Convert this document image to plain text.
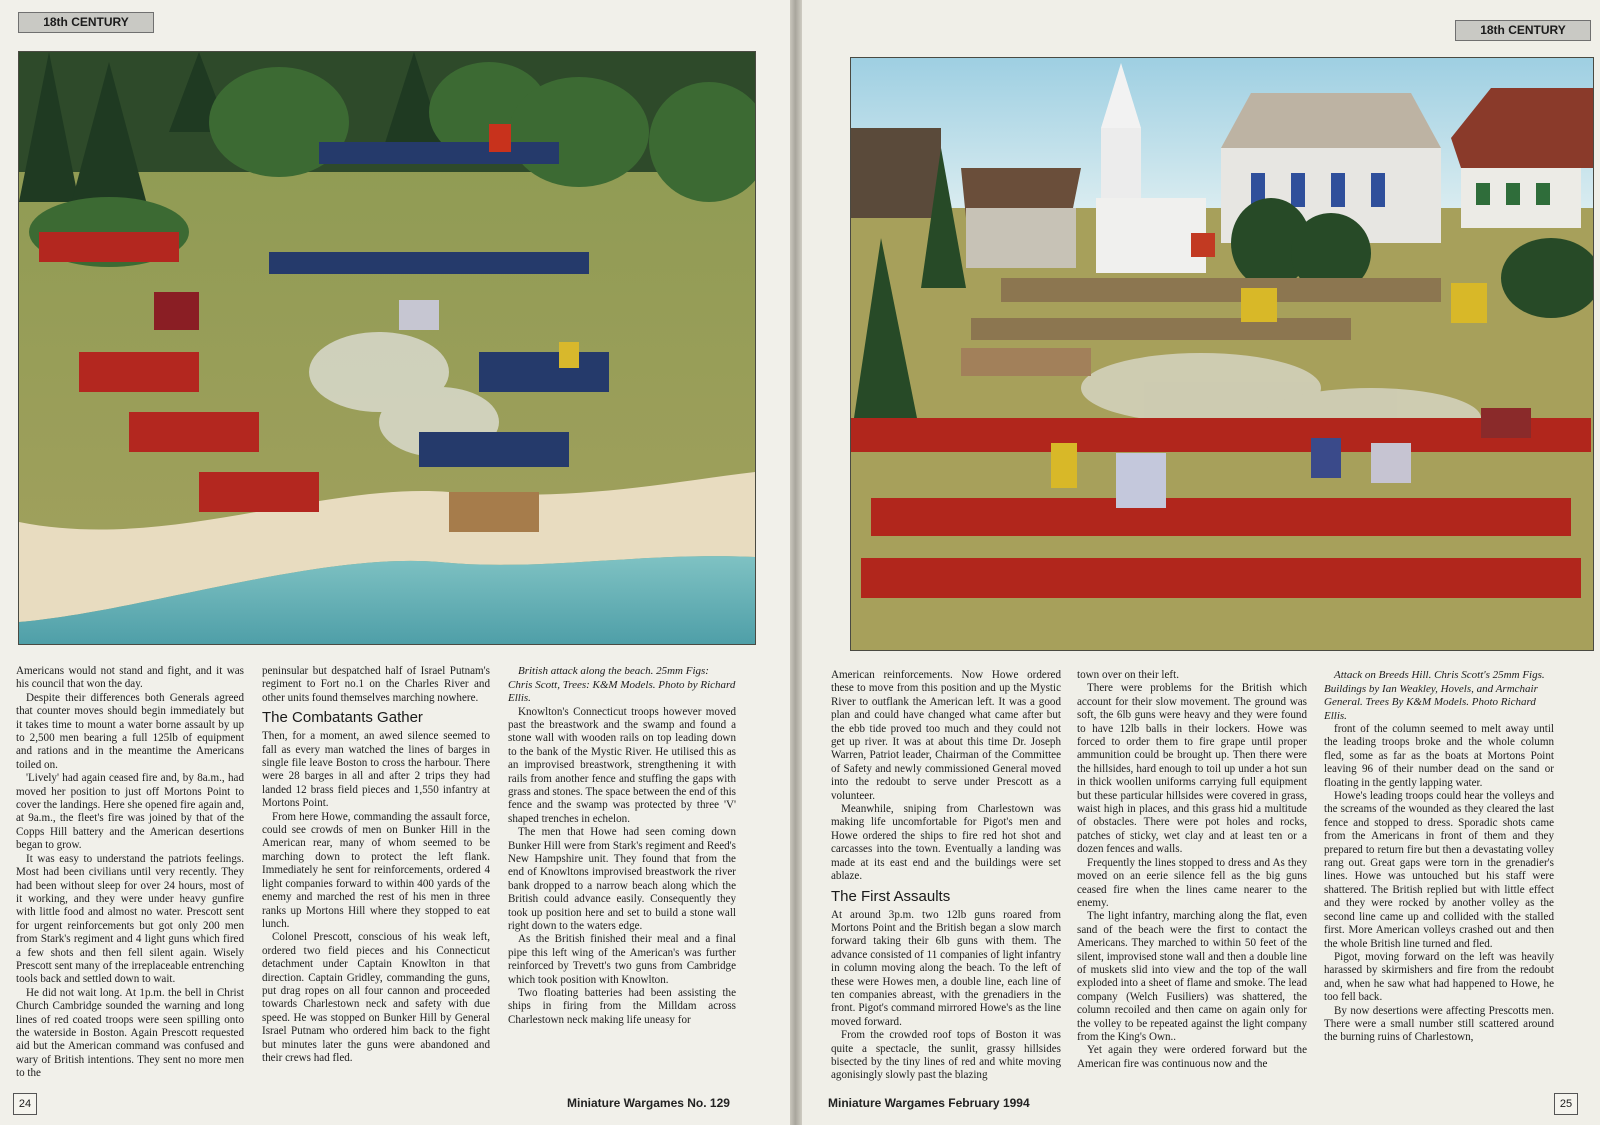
18th CENTURY

Americans would not stand and fight, and it was his council that won the day.

Despite their differences both Generals agreed that counter moves should begin immediately but it takes time to mount a water borne assault by up to 2,500 men bearing a full 125lb of equipment and rations and in the meantime the Americans toiled on.

'Lively' had again ceased fire and, by 8a.m., had moved her position to just off Mortons Point to cover the landings. Here she opened fire again and, at 9a.m., the fleet's fire was joined by that of the Copps Hill battery and the American desertions began to grow.

It was easy to understand the patriots feelings. Most had been civilians until very recently. They had been without sleep for over 24 hours, most of it working, and they were under heavy gunfire with little food and almost no water. Prescott sent for urgent reinforcements but got only 200 men from Stark's regiment and 4 light guns which fired a few shots and then fell silent again. Wisely Prescott sent many of the irreplaceable entrenching tools back and settled down to wait.

He did not wait long. At 1p.m. the bell in Christ Church Cambridge sounded the warning and long lines of red coated troops were seen spilling onto the waterside in Boston. Again Prescott requested aid but the American command was confused and wary of British intentions. They sent no more men to the

peninsular but despatched half of Israel Putnam's regiment to Fort no.1 on the Charles River and other units found themselves marching nowhere.

The Combatants Gather

Then, for a moment, an awed silence seemed to fall as every man watched the lines of barges in single file leave Boston to cross the harbour. There were 28 barges in all and after 2 trips they had landed 12 brass field pieces and 1,550 infantry at Mortons Point.

From here Howe, commanding the assault force, could see crowds of men on Bunker Hill in the American rear, many of whom seemed to be marching down to protect the left flank. Immediately he sent for reinforcements, ordered 4 light companies forward to within 400 yards of the enemy and marched the rest of his men in three ranks up Mortons Hill where they stopped to eat lunch.

Colonel Prescott, conscious of his weak left, ordered two field pieces and his Connecticut detachment under Captain Knowlton in that direction. Captain Gridley, commanding the guns, put drag ropes on all four cannon and proceeded towards Charlestown neck and safety with due speed. He was stopped on Bunker Hill by General Israel Putnam who ordered him back to the fight but minutes later the guns were abandoned and their crews had fled.

British attack along the beach. 25mm Figs: Chris Scott, Trees: K&M Models. Photo by Richard Ellis.

Knowlton's Connecticut troops however moved past the breastwork and the swamp and found a stone wall with wooden rails on top leading down to the bank of the Mystic River. He utilised this as an improvised breastwork, strengthening it with rails from another fence and stuffing the gaps with grass and stones. The space between the end of this fence and the swamp was protected by three 'V' shaped trenches in echelon.

The men that Howe had seen coming down Bunker Hill were from Stark's regiment and Reed's New Hampshire unit. They found that from the end of Knowltons improvised breastwork the river bank dropped to a narrow beach along which the British could advance easily. Consequently they took up position here and set to build a stone wall right down to the waters edge.

As the British finished their meal and a final pipe this left wing of the American's was further reinforced by Trevett's two guns from Cambridge which took position with Knowlton.

Two floating batteries had been assisting the ships in firing from the Milldam across Charlestown neck making life uneasy for

24	Miniature Wargames No. 129
18th CENTURY

American reinforcements. Now Howe ordered these to move from this position and up the Mystic River to outflank the American left. It was a good plan and could have changed what came after but the ebb tide proved too much and they could not get up river. It was at about this time Dr. Joseph Warren, Patriot leader, Chairman of the Committee of Safety and newly commissioned General moved into the redoubt to serve under Prescott as a volunteer.

Meanwhile, sniping from Charlestown was making life uncomfortable for Pigot's men and Howe ordered the ships to fire red hot shot and carcasses into the town. Eventually a landing was made at its east end and the buildings were set ablaze.

The First Assaults

At around 3p.m. two 12lb guns roared from Mortons Point and the British began a slow march forward taking their 6lb guns with them. The advance consisted of 11 companies of light infantry in column moving along the beach. To the left of these were Howes men, a double line, each line of ten companies abreast, with the grenadiers in the front. Pigot's command mirrored Howe's as the line moved forward.

From the crowded roof tops of Boston it was quite a spectacle, the sunlit, grassy hillsides bisected by the tiny lines of red and white moving agonisingly slowly past the blazing

town over on their left.

There were problems for the British which account for their slow movement. The ground was soft, the 6lb guns were heavy and they were found to have 12lb balls in their lockers. Howe was forced to order them to fire grape until proper ammunition could be brought up. Then there were the hillsides, hard enough to toil up under a hot sun in thick woollen uniforms carrying full equipment but these particular hillsides were covered in grass, waist high in places, and this grass hid a multitude of obstacles. There were pot holes and rocks, patches of sticky, wet clay and at least ten or a dozen fences and walls.

Frequently the lines stopped to dress and As they moved on an eerie silence fell as the big guns ceased fire when the lines came nearer to the enemy.

The light infantry, marching along the flat, even sand of the beach were the first to contact the Americans. They marched to within 50 feet of the silent, improvised stone wall and then a double line of muskets slid into view and the top of the wall exploded into a sheet of flame and smoke. The lead company (Welch Fusiliers) was shattered, the column recoiled and then came on again only for the volley to be repeated against the light company from the King's Own..

Yet again they were ordered forward but the American fire was continuous now and the

Attack on Breeds Hill. Chris Scott's 25mm Figs. Buildings by Ian Weakley, Hovels, and Armchair General. Trees By K&M Models. Photo Richard Ellis.

front of the column seemed to melt away until the leading troops broke and the whole column fled, some as far as the boats at Mortons Point leaving 96 of their number dead on the sand or floating in the gently lapping water.

Howe's leading troops could hear the volleys and the screams of the wounded as they cleared the last fence and stopped to dress. Sporadic shots came from the Americans in front of them and they prepared to return fire but then a devastating volley rang out. Great gaps were torn in the grenadier's lines. Howe was untouched but his staff were shattered. The British replied but with little effect and they were rocked by another volley as the second line came up and collided with the stalled first. More American volleys crashed out and then the whole British line turned and fled.

Pigot, moving forward on the left was heavily harassed by skirmishers and fire from the redoubt and, when he saw what had happened to Howe, he too fell back.

By now desertions were affecting Prescotts men. There were a small number still scattered around the burning ruins of Charlestown,

Miniature Wargames February 1994	25
